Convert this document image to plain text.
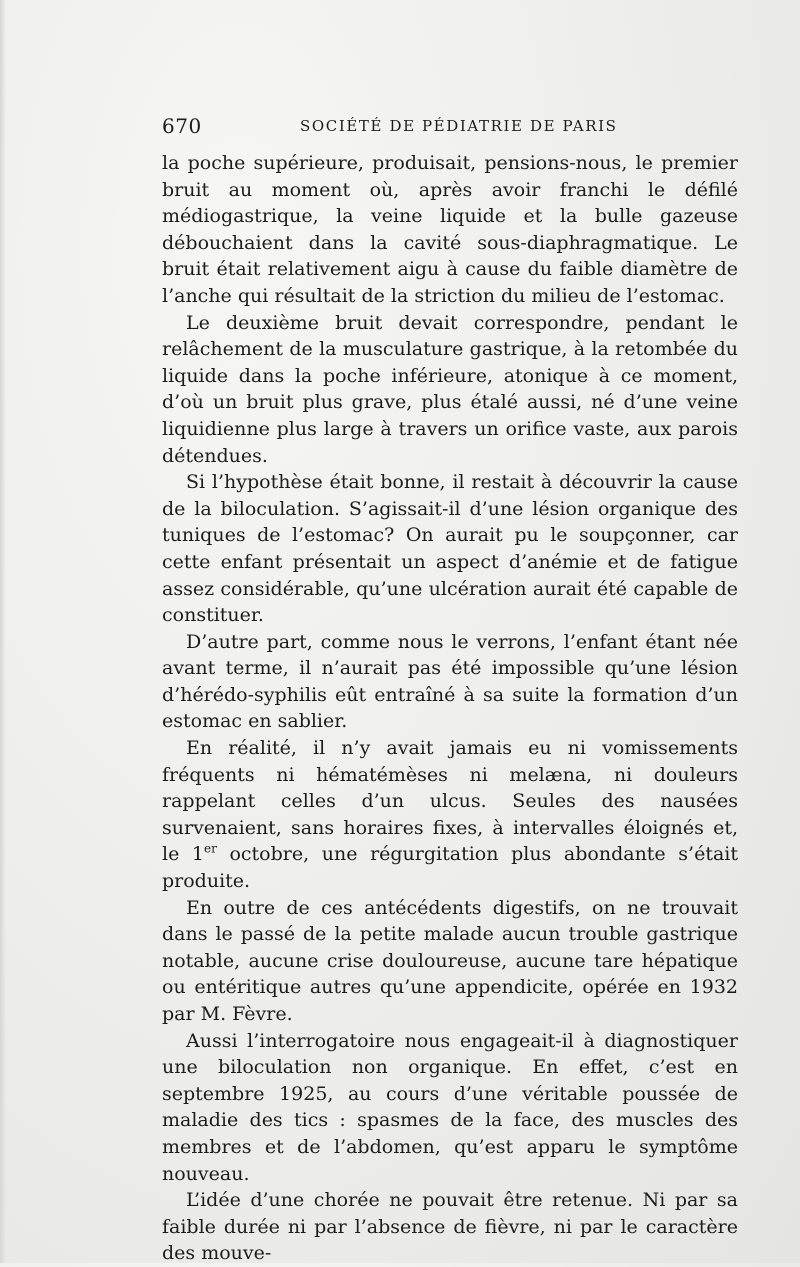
670	SOCIÉTÉ DE PÉDIATRIE DE PARIS

la poche supérieure, produisait, pensions-nous, le premier bruit au moment où, après avoir franchi le défilé médiogastrique, la veine liquide et la bulle gazeuse débouchaient dans la cavité sous-diaphragmatique. Le bruit était relativement aigu à cause du faible diamètre de l’anche qui résultait de la striction du milieu de l’estomac.

Le deuxième bruit devait correspondre, pendant le relâchement de la musculature gastrique, à la retombée du liquide dans la poche inférieure, atonique à ce moment, d’où un bruit plus grave, plus étalé aussi, né d’une veine liquidienne plus large à travers un orifice vaste, aux parois détendues.

Si l’hypothèse était bonne, il restait à découvrir la cause de la biloculation. S’agissait-il d’une lésion organique des tuniques de l’estomac? On aurait pu le soupçonner, car cette enfant présentait un aspect d’anémie et de fatigue assez considérable, qu’une ulcération aurait été capable de constituer.

D’autre part, comme nous le verrons, l’enfant étant née avant terme, il n’aurait pas été impossible qu’une lésion d’hérédo-syphilis eût entraîné à sa suite la formation d’un estomac en sablier.

En réalité, il n’y avait jamais eu ni vomissements fréquents ni hématémèses ni melæna, ni douleurs rappelant celles d’un ulcus. Seules des nausées survenaient, sans horaires fixes, à intervalles éloignés et, le 1er octobre, une régurgitation plus abondante s’était produite.

En outre de ces antécédents digestifs, on ne trouvait dans le passé de la petite malade aucun trouble gastrique notable, aucune crise douloureuse, aucune tare hépatique ou entéritique autres qu’une appendicite, opérée en 1932 par M. Fèvre.

Aussi l’interrogatoire nous engageait-il à diagnostiquer une biloculation non organique. En effet, c’est en septembre 1925, au cours d’une véritable poussée de maladie des tics : spasmes de la face, des muscles des membres et de l’abdomen, qu’est apparu le symptôme nouveau.

L’idée d’une chorée ne pouvait être retenue. Ni par sa faible durée ni par l’absence de fièvre, ni par le caractère des mouve-
